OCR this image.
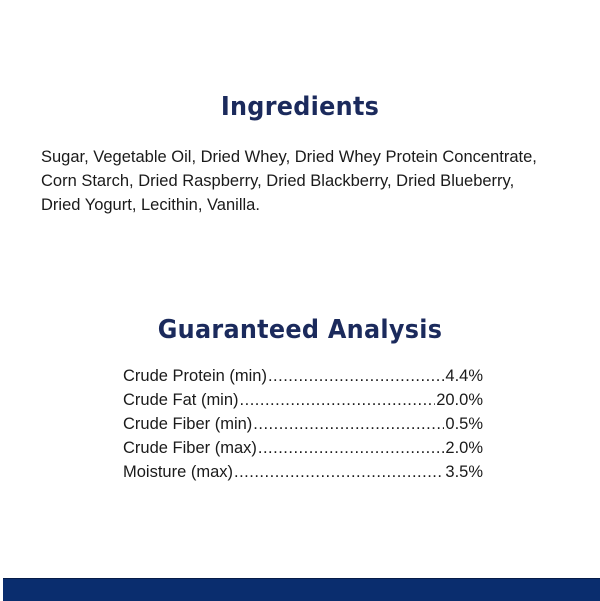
Ingredients
Sugar, Vegetable Oil, Dried Whey, Dried Whey Protein Concentrate,
Corn Starch, Dried Raspberry, Dried Blackberry, Dried Blueberry,
Dried Yogurt, Lecithin, Vanilla.
Guaranteed Analysis
Crude Protein (min) .....	4.4%
Crude Fat (min) .....	20.0%
Crude Fiber (min) .....	0.5%
Crude Fiber (max) .....	2.0%
Moisture (max) .....	3.5%
